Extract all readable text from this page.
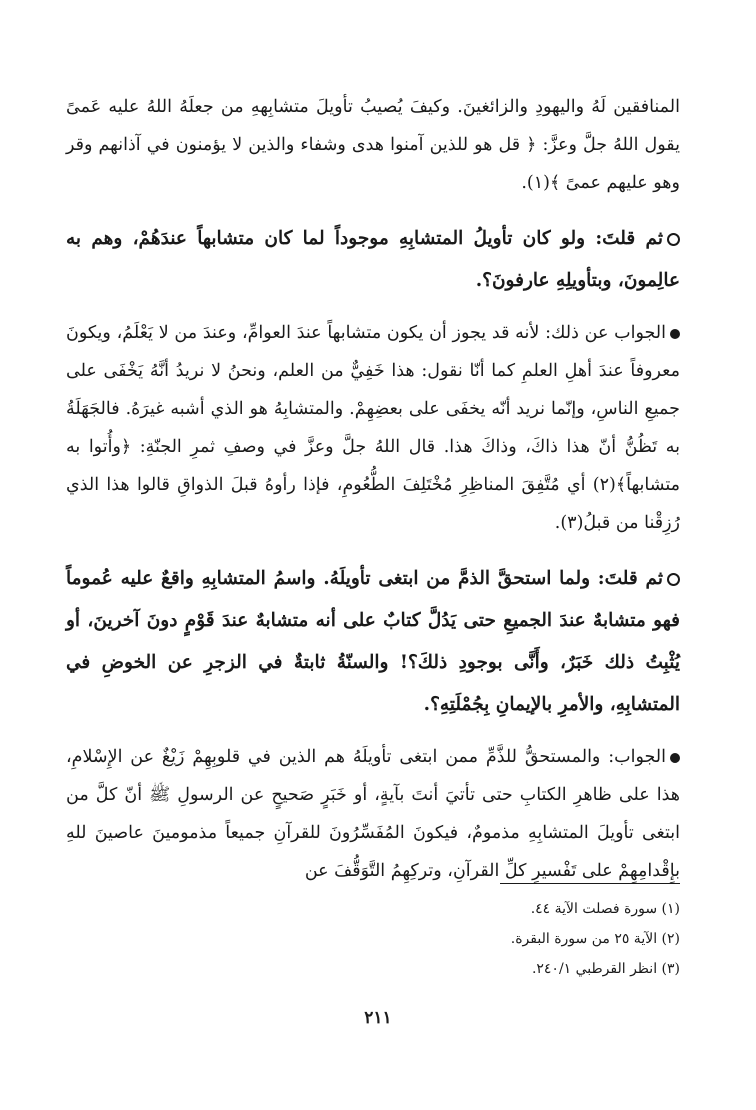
المنافقين لَهُ واليهودِ والزائغينَ. وكيفَ يُصيبُ تأويلَ متشابِههِ من جعلَهُ اللهُ عليه عَمىً يقول اللهُ جلَّ وعزَّ: ﴿ قل هو للذين آمنوا هدى وشفاء والذين لا يؤمنون في آذانهم وقر وهو عليهم عمىً ﴾(١).

ثم قلتَ: ولو كان تأويلُ المتشابِهِ موجوداً لما كان متشابهاً عندَهُمْ، وهم به عالِمونَ، وبتأويلِهِ عارفونَ؟.

الجواب عن ذلك: لأنه قد يجوز أن يكون متشابهاً عندَ العوامِّ، وعندَ من لا يَعْلَمُ، ويكونَ معروفاً عندَ أهلِ العلمِ كما أنّا نقول: هذا خَفِيٌّ من العلم، ونحنُ لا نريدُ أنَّهُ يَخْفَى على جميعِ الناسِ، وإنّما نريد أنّه يخفَى على بعضِهِمْ. والمتشابِهُ هو الذي أشبه غيرَهُ. فالجَهَلَةُ به تَظُنُّ أنّ هذا ذاكَ، وذاكَ هذا. قال اللهُ جلَّ وعزَّ في وصفِ ثمرِ الجنّةِ: ﴿وأُتوا به متشابهاً﴾(٢) أي مُتَّفِقَ المناظِرِ مُخْتَلِفَ الطُّعُومِ، فإذا رأوهُ قبلَ الذواقِ قالوا هذا الذي رُزِقْنا من قبلُ(٣).

ثم قلتَ: ولما استحقَّ الذمَّ من ابتغى تأويلَهُ. واسمُ المتشابِهِ واقعٌ عليه عُموماً فهو متشابهٌ عندَ الجميعِ حتى يَدُلَّ كتابٌ على أنه متشابهٌ عندَ قَوْمٍ دونَ آخرينَ، أو يُثْبِتُ ذلك خَبَرٌ، وأَنَّى بوجودِ ذلكَ؟! والسنّةُ ثابتةٌ في الزجرِ عن الخوضِ في المتشابِهِ، والأمرِ بالإيمانِ بِجُمْلَتِهِ؟.

الجواب: والمستحقُّ للذَّمِّ ممن ابتغى تأويلَهُ هم الذين في قلوبِهِمْ زَيْغٌ عن الإِسْلامِ، هذا على ظاهرِ الكتابِ حتى تأتيَ أنتَ بآيةٍ، أو خَبَرٍ صَحيحٍ عن الرسولِ ﷺ أنّ كلَّ من ابتغى تأويلَ المتشابِهِ مذمومٌ، فيكونَ المُفَسِّرُونَ للقرآنِ جميعاً مذمومينَ عاصينَ للهِ بإِقْدامِهِمْ على تَفْسيرِ كلِّ القرآنِ، وتركِهِمُ التَّوَقُّفَ عن

(١) سورة فصلت الآية ٤٤.
(٢) الآية ٢٥ من سورة البقرة.
(٣) انظر القرطبي ٢٤٠/١.
٢١١
